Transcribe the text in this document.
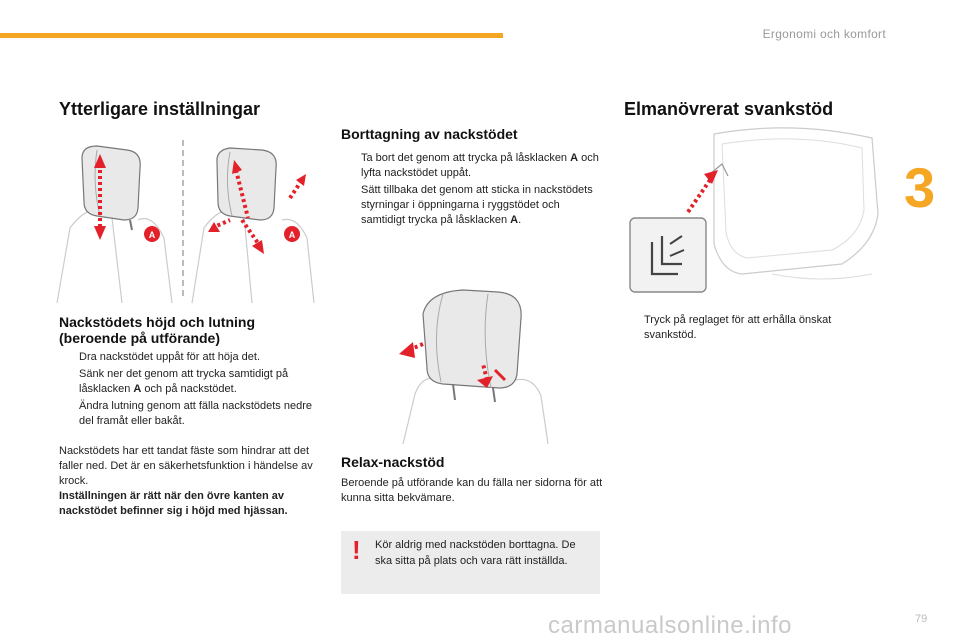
Ergonomi och komfort
3
Ytterligare inställningar
A	A
Nackstödets höjd och lutning
(beroende på utförande)
Dra nackstödet uppåt för att höja det.
Sänk ner det genom att trycka samtidigt på låsklacken A och på nackstödet.
Ändra lutning genom att fälla nackstödets nedre del framåt eller bakåt.

Nackstödets har ett tandat fäste som hindrar att det faller ned. Det är en säkerhetsfunktion i händelse av krock.
Inställningen är rätt när den övre kanten av nackstödet befinner sig i höjd med hjässan.

Borttagning av nackstödet
Ta bort det genom att trycka på låsklacken A och lyfta nackstödet uppåt.
Sätt tillbaka det genom att sticka in nackstödets styrningar i öppningarna i ryggstödet och samtidigt trycka på låsklacken A.
Relax-nackstöd

Beroende på utförande kan du fälla ner sidorna för att kunna sitta bekvämare.

! Kör aldrig med nackstöden borttagna. De ska sitta på plats och vara rätt inställda.
Elmanövrerat svankstöd
Tryck på reglaget för att erhålla önskat svankstöd.
79
carmanualsonline.info
